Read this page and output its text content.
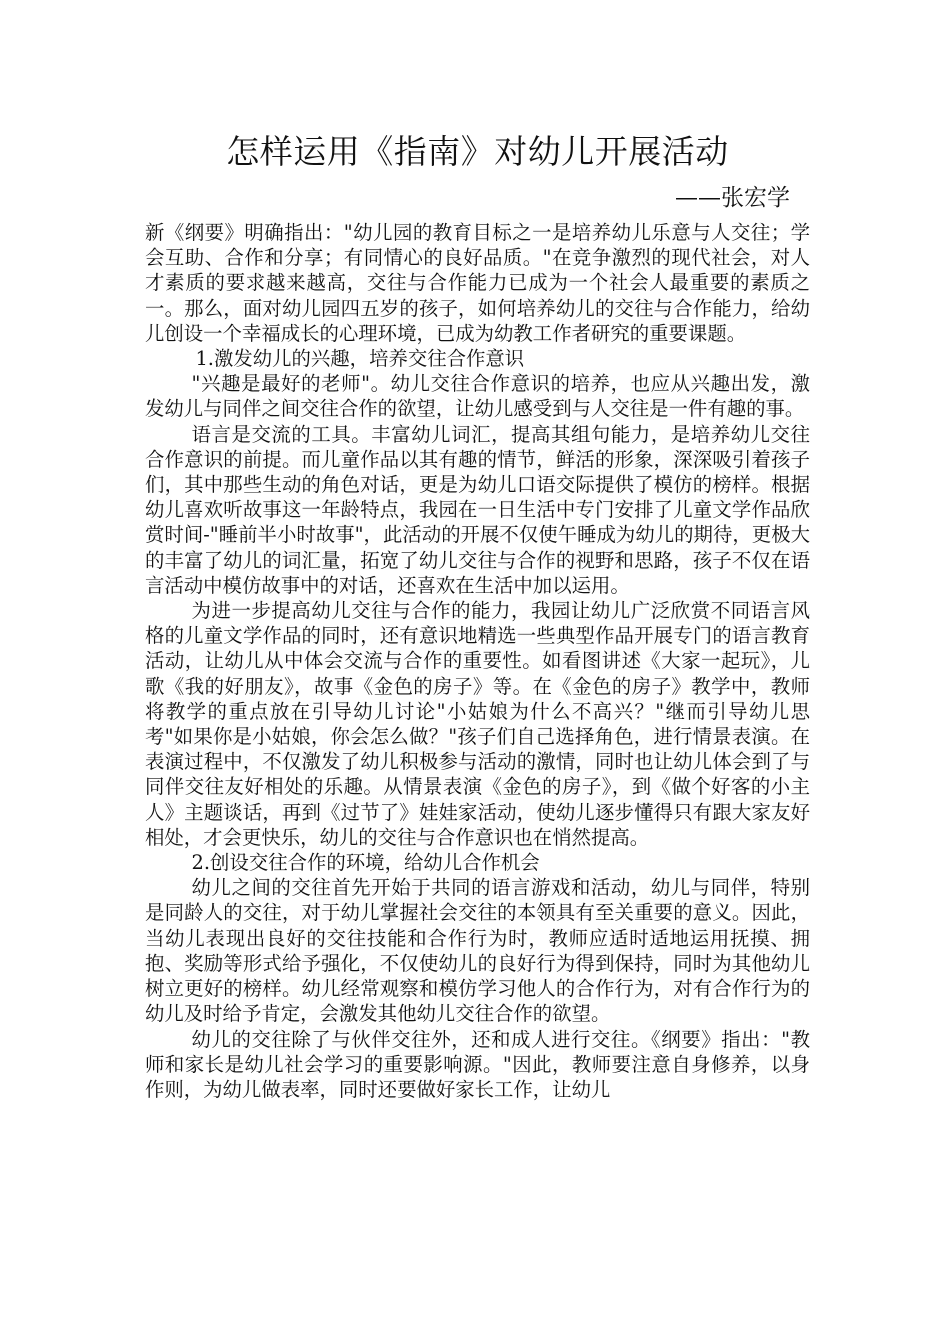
怎样运用《指南》对幼儿开展活动
——张宏学

新《纲要》明确指出："幼儿园的教育目标之一是培养幼儿乐意与人交往；学会互助、合作和分享；有同情心的良好品质。"在竞争激烈的现代社会，对人才素质的要求越来越高，交往与合作能力已成为一个社会人最重要的素质之一。那么，面对幼儿园四五岁的孩子，如何培养幼儿的交往与合作能力，给幼儿创设一个幸福成长的心理环境，已成为幼教工作者研究的重要课题。

1.激发幼儿的兴趣，培养交往合作意识

"兴趣是最好的老师"。幼儿交往合作意识的培养，也应从兴趣出发，激发幼儿与同伴之间交往合作的欲望，让幼儿感受到与人交往是一件有趣的事。

语言是交流的工具。丰富幼儿词汇，提高其组句能力，是培养幼儿交往合作意识的前提。而儿童作品以其有趣的情节，鲜活的形象，深深吸引着孩子们，其中那些生动的角色对话，更是为幼儿口语交际提供了模仿的榜样。根据幼儿喜欢听故事这一年龄特点，我园在一日生活中专门安排了儿童文学作品欣赏时间-"睡前半小时故事"，此活动的开展不仅使午睡成为幼儿的期待，更极大的丰富了幼儿的词汇量，拓宽了幼儿交往与合作的视野和思路，孩子不仅在语言活动中模仿故事中的对话，还喜欢在生活中加以运用。

为进一步提高幼儿交往与合作的能力，我园让幼儿广泛欣赏不同语言风格的儿童文学作品的同时，还有意识地精选一些典型作品开展专门的语言教育活动，让幼儿从中体会交流与合作的重要性。如看图讲述《大家一起玩》，儿歌《我的好朋友》，故事《金色的房子》等。在《金色的房子》教学中，教师将教学的重点放在引导幼儿讨论"小姑娘为什么不高兴？"继而引导幼儿思考"如果你是小姑娘，你会怎么做？"孩子们自己选择角色，进行情景表演。在表演过程中，不仅激发了幼儿积极参与活动的激情，同时也让幼儿体会到了与同伴交往友好相处的乐趣。从情景表演《金色的房子》，到《做个好客的小主人》主题谈话，再到《过节了》娃娃家活动，使幼儿逐步懂得只有跟大家友好相处，才会更快乐，幼儿的交往与合作意识也在悄然提高。

2.创设交往合作的环境，给幼儿合作机会

幼儿之间的交往首先开始于共同的语言游戏和活动，幼儿与同伴，特别是同龄人的交往，对于幼儿掌握社会交往的本领具有至关重要的意义。因此，当幼儿表现出良好的交往技能和合作行为时，教师应适时适地运用抚摸、拥抱、奖励等形式给予强化，不仅使幼儿的良好行为得到保持，同时为其他幼儿树立更好的榜样。幼儿经常观察和模仿学习他人的合作行为，对有合作行为的幼儿及时给予肯定，会激发其他幼儿交往合作的欲望。

幼儿的交往除了与伙伴交往外，还和成人进行交往。《纲要》指出："教师和家长是幼儿社会学习的重要影响源。"因此，教师要注意自身修养，以身作则，为幼儿做表率，同时还要做好家长工作，让幼儿
